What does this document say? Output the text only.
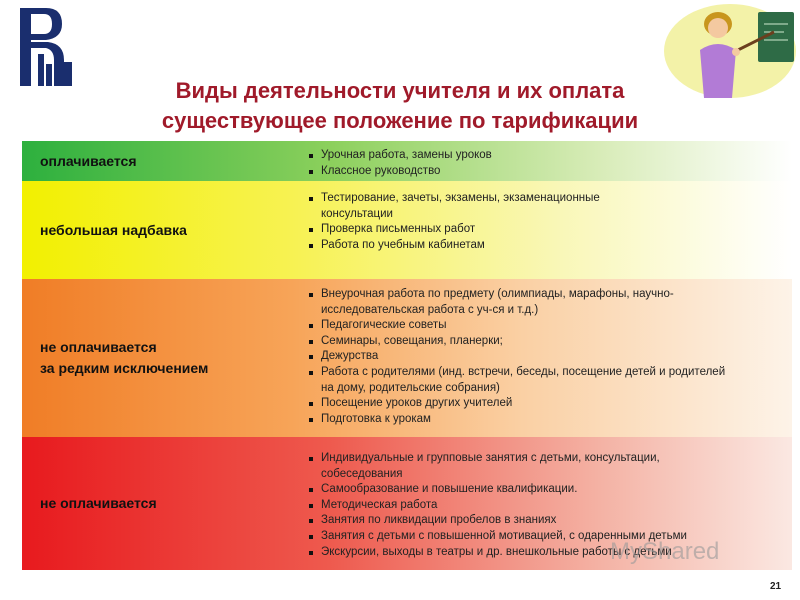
Виды деятельности учителя и их оплата
существующее положение по тарификации
оплачивается	Урочная работа, замены уроков
Классное руководство
небольшая надбавка
Тестирование, зачеты, экзамены, экзаменационные
консультации
Проверка письменных работ
Работа по учебным кабинетам
не оплачивается
за редким исключением
Внеурочная работа по предмету (олимпиады, марафоны, научно-
исследовательская работа с уч-ся и т.д.)
Педагогические советы
Семинары, совещания, планерки;
Дежурства
Работа с родителями (инд. встречи, беседы, посещение детей и родителей
на дому, родительские собрания)
Посещение уроков других учителей
Подготовка к урокам
не оплачивается
Индивидуальные и групповые занятия с детьми, консультации,
собеседования
Самообразование и повышение квалификации.
Методическая работа
Занятия по ликвидации пробелов в знаниях
Занятия с детьми с повышенной мотивацией, с одаренными детьми
Экскурсии, выходы в театры и др. внешкольные работы с детьми
MyShared
21
